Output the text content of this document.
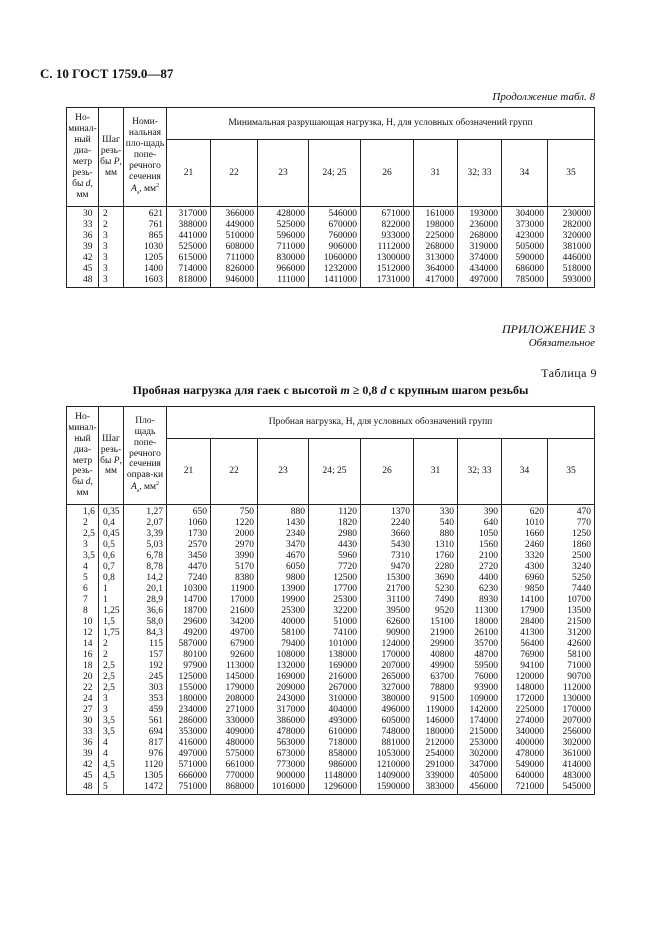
С. 10 ГОСТ 1759.0—87
Продолжение табл. 8
Но-минал-ный диа-метр резь-бы d, мм	Шаг резь-бы P, мм	Номи-нальная пло-щадь попе-речного сечения $A_s$, $мм^2$	Минимальная разрушающая нагрузка, Н, для условных обозначений групп								
			21	22	23	24; 25	26	31	32; 33	34	35
30	2	621	317000	366000	428000	546000	671000	161000	193000	304000	230000
33	2	761	388000	449000	525000	670000	822000	198000	236000	373000	282000
36	3	865	441000	510000	596000	760000	933000	225000	268000	423000	320000
39	3	1030	525000	608000	711000	906000	1112000	268000	319000	505000	381000
42	3	1205	615000	711000	830000	1060000	1300000	313000	374000	590000	446000
45	3	1400	714000	826000	966000	1232000	1512000	364000	434000	686000	518000
48	3	1603	818000	946000	111000	1411000	1731000	417000	497000	785000	593000
ПРИЛОЖЕНИЕ 3
Обязательное
Таблица 9
Пробная нагрузка для гаек с высотой m ≥ 0,8 d с крупным шагом резьбы
Но-минал-ный диа-метр резь-бы d, мм	Шаг резь-бы P, мм	Пло-щадь попе-речного сечения оправ-ки $A_s$, $мм^2$	Пробная нагрузка, Н, для условных обозначений групп								
			21	22	23	24; 25	26	31	32; 33	34	35
1,6	0,35	1,27	650	750	880	1120	1370	330	390	620	470
2	0,4	2,07	1060	1220	1430	1820	2240	540	640	1010	770
2,5	0,45	3,39	1730	2000	2340	2980	3660	880	1050	1660	1250
3	0,5	5,03	2570	2970	3470	4430	5430	1310	1560	2460	1860
3,5	0,6	6,78	3450	3990	4670	5960	7310	1760	2100	3320	2500
4	0,7	8,78	4470	5170	6050	7720	9470	2280	2720	4300	3240
5	0,8	14,2	7240	8380	9800	12500	15300	3690	4400	6960	5250
6	1	20,1	10300	11900	13900	17700	21700	5230	6230	9850	7440
7	1	28,9	14700	17000	19900	25300	31100	7490	8930	14100	10700
8	1,25	36,6	18700	21600	25300	32200	39500	9520	11300	17900	13500
10	1,5	58,0	29600	34200	40000	51000	62600	15100	18000	28400	21500
12	1,75	84,3	49200	49700	58100	74100	90900	21900	26100	41300	31200
14	2	115	587000	67900	79400	101000	124000	29900	35700	56400	42600
16	2	157	80100	92600	108000	138000	170000	40800	48700	76900	58100
18	2,5	192	97900	113000	132000	169000	207000	49900	59500	94100	71000
20	2,5	245	125000	145000	169000	216000	265000	63700	76000	120000	90700
22	2,5	303	155000	179000	209000	267000	327000	78800	93900	148000	112000
24	3	353	180000	208000	243000	310000	380000	91500	109000	172000	130000
27	3	459	234000	271000	317000	404000	496000	119000	142000	225000	170000
30	3,5	561	286000	330000	386000	493000	605000	146000	174000	274000	207000
33	3,5	694	353000	409000	478000	610000	748000	180000	215000	340000	256000
36	4	817	416000	480000	563000	718000	881000	212000	253000	400000	302000
39	4	976	497000	575000	673000	858000	1053000	254000	302000	478000	361000
42	4,5	1120	571000	661000	773000	986000	1210000	291000	347000	549000	414000
45	4,5	1305	666000	770000	900000	1148000	1409000	339000	405000	640000	483000
48	5	1472	751000	868000	1016000	1296000	1590000	383000	456000	721000	545000
